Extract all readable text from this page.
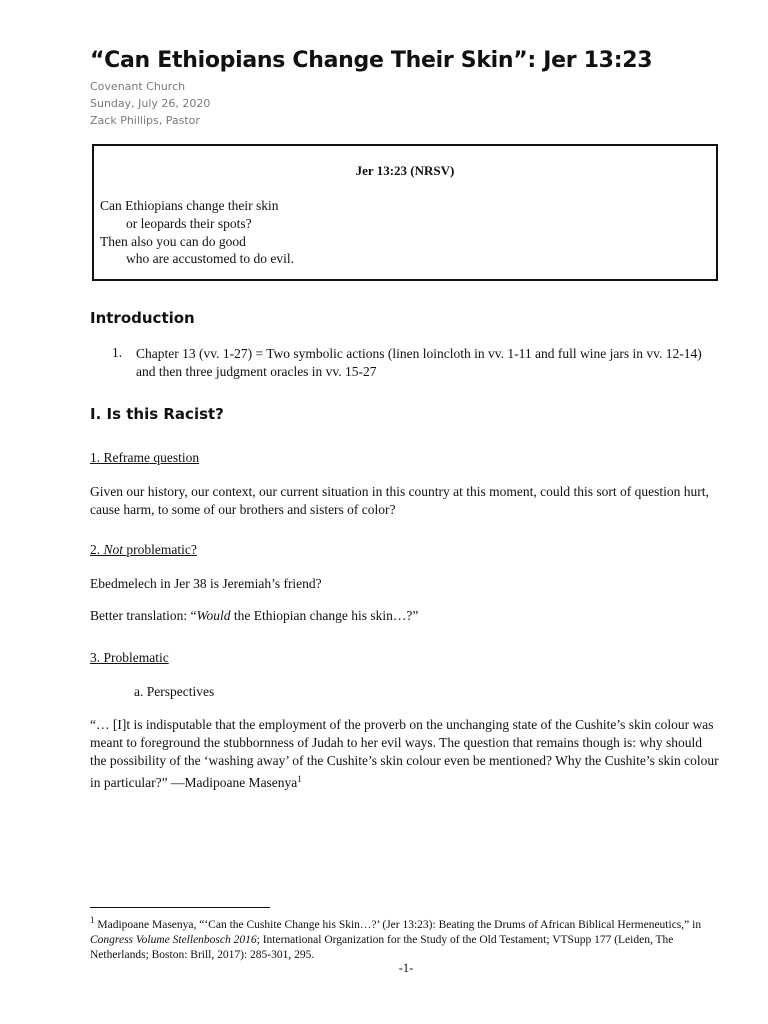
“Can Ethiopians Change Their Skin”: Jer 13:23
Covenant Church
Sunday, July 26, 2020
Zack Phillips, Pastor
Jer 13:23 (NRSV)
Can Ethiopians change their skin
or leopards their spots?
Then also you can do good
who are accustomed to do evil.
Introduction
1. Chapter 13 (vv. 1-27) = Two symbolic actions (linen loincloth in vv. 1-11 and full wine jars in vv. 12-14) and then three judgment oracles in vv. 15-27
I. Is this Racist?
1. Reframe question
Given our history, our context, our current situation in this country at this moment, could this sort of question hurt, cause harm, to some of our brothers and sisters of color?
2. Not problematic?
Ebedmelech in Jer 38 is Jeremiah’s friend?
Better translation: “Would the Ethiopian change his skin…?”
3. Problematic
a. Perspectives
“… [I]t is indisputable that the employment of the proverb on the unchanging state of the Cushite’s skin colour was meant to foreground the stubbornness of Judah to her evil ways. The question that remains though is: why should the possibility of the ‘washing away’ of the Cushite’s skin colour even be mentioned? Why the Cushite’s skin colour in particular?” —Madipoane Masenya$^1$
$^1$ Madipoane Masenya, “‘Can the Cushite Change his Skin…?’ (Jer 13:23): Beating the Drums of African Biblical Hermeneutics,” in Congress Volume Stellenbosch 2016; International Organization for the Study of the Old Testament; VTSupp 177 (Leiden, The Netherlands; Boston: Brill, 2017): 285-301, 295.
-1-
